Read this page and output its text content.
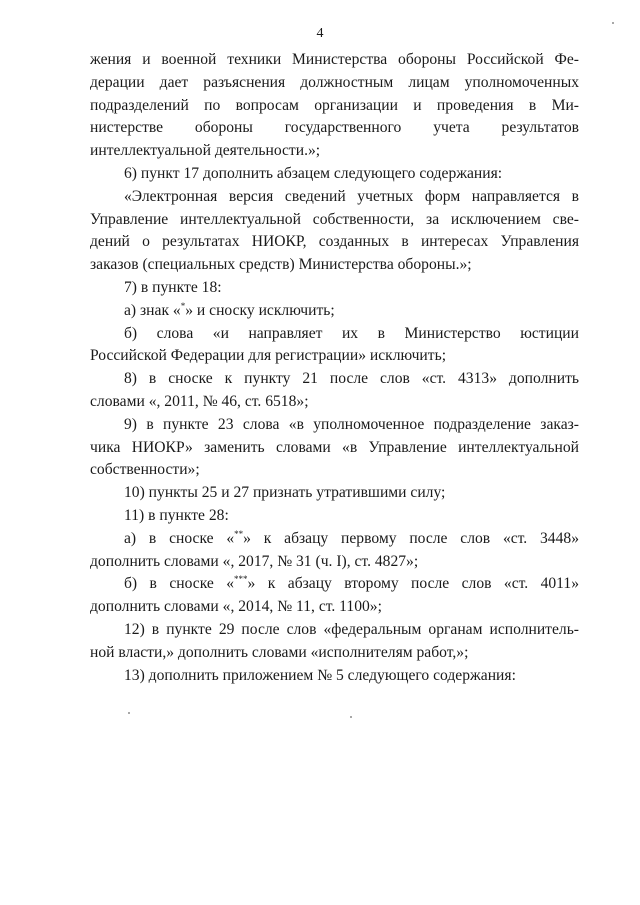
4

жения и военной техники Министерства обороны Российской Фе-
дерации дает разъяснения должностным лицам уполномоченных
подразделений по вопросам организации и проведения в Ми-
нистерстве обороны государственного учета результатов
интеллектуальной деятельности.»;

6) пункт 17 дополнить абзацем следующего содержания:

«Электронная версия сведений учетных форм направляется в
Управление интеллектуальной собственности, за исключением све-
дений о результатах НИОКР, созданных в интересах Управления
заказов (специальных средств) Министерства обороны.»;

7) в пункте 18:

а) знак «*» и сноску исключить;

б) слова «и направляет их в Министерство юстиции
Российской Федерации для регистрации» исключить;

8) в сноске к пункту 21 после слов «ст. 4313» дополнить
словами «, 2011, № 46, ст. 6518»;

9) в пункте 23 слова «в уполномоченное подразделение заказ-
чика НИОКР» заменить словами «в Управление интеллектуальной
собственности»;

10) пункты 25 и 27 признать утратившими силу;

11) в пункте 28:

а) в сноске «**» к абзацу первому после слов «ст. 3448»
дополнить словами «, 2017, № 31 (ч. I), ст. 4827»;

б) в сноске «***» к абзацу второму после слов «ст. 4011»
дополнить словами «, 2014, № 11, ст. 1100»;

12) в пункте 29 после слов «федеральным органам исполнитель-
ной власти,» дополнить словами «исполнителям работ,»;

13) дополнить приложением № 5 следующего содержания:
